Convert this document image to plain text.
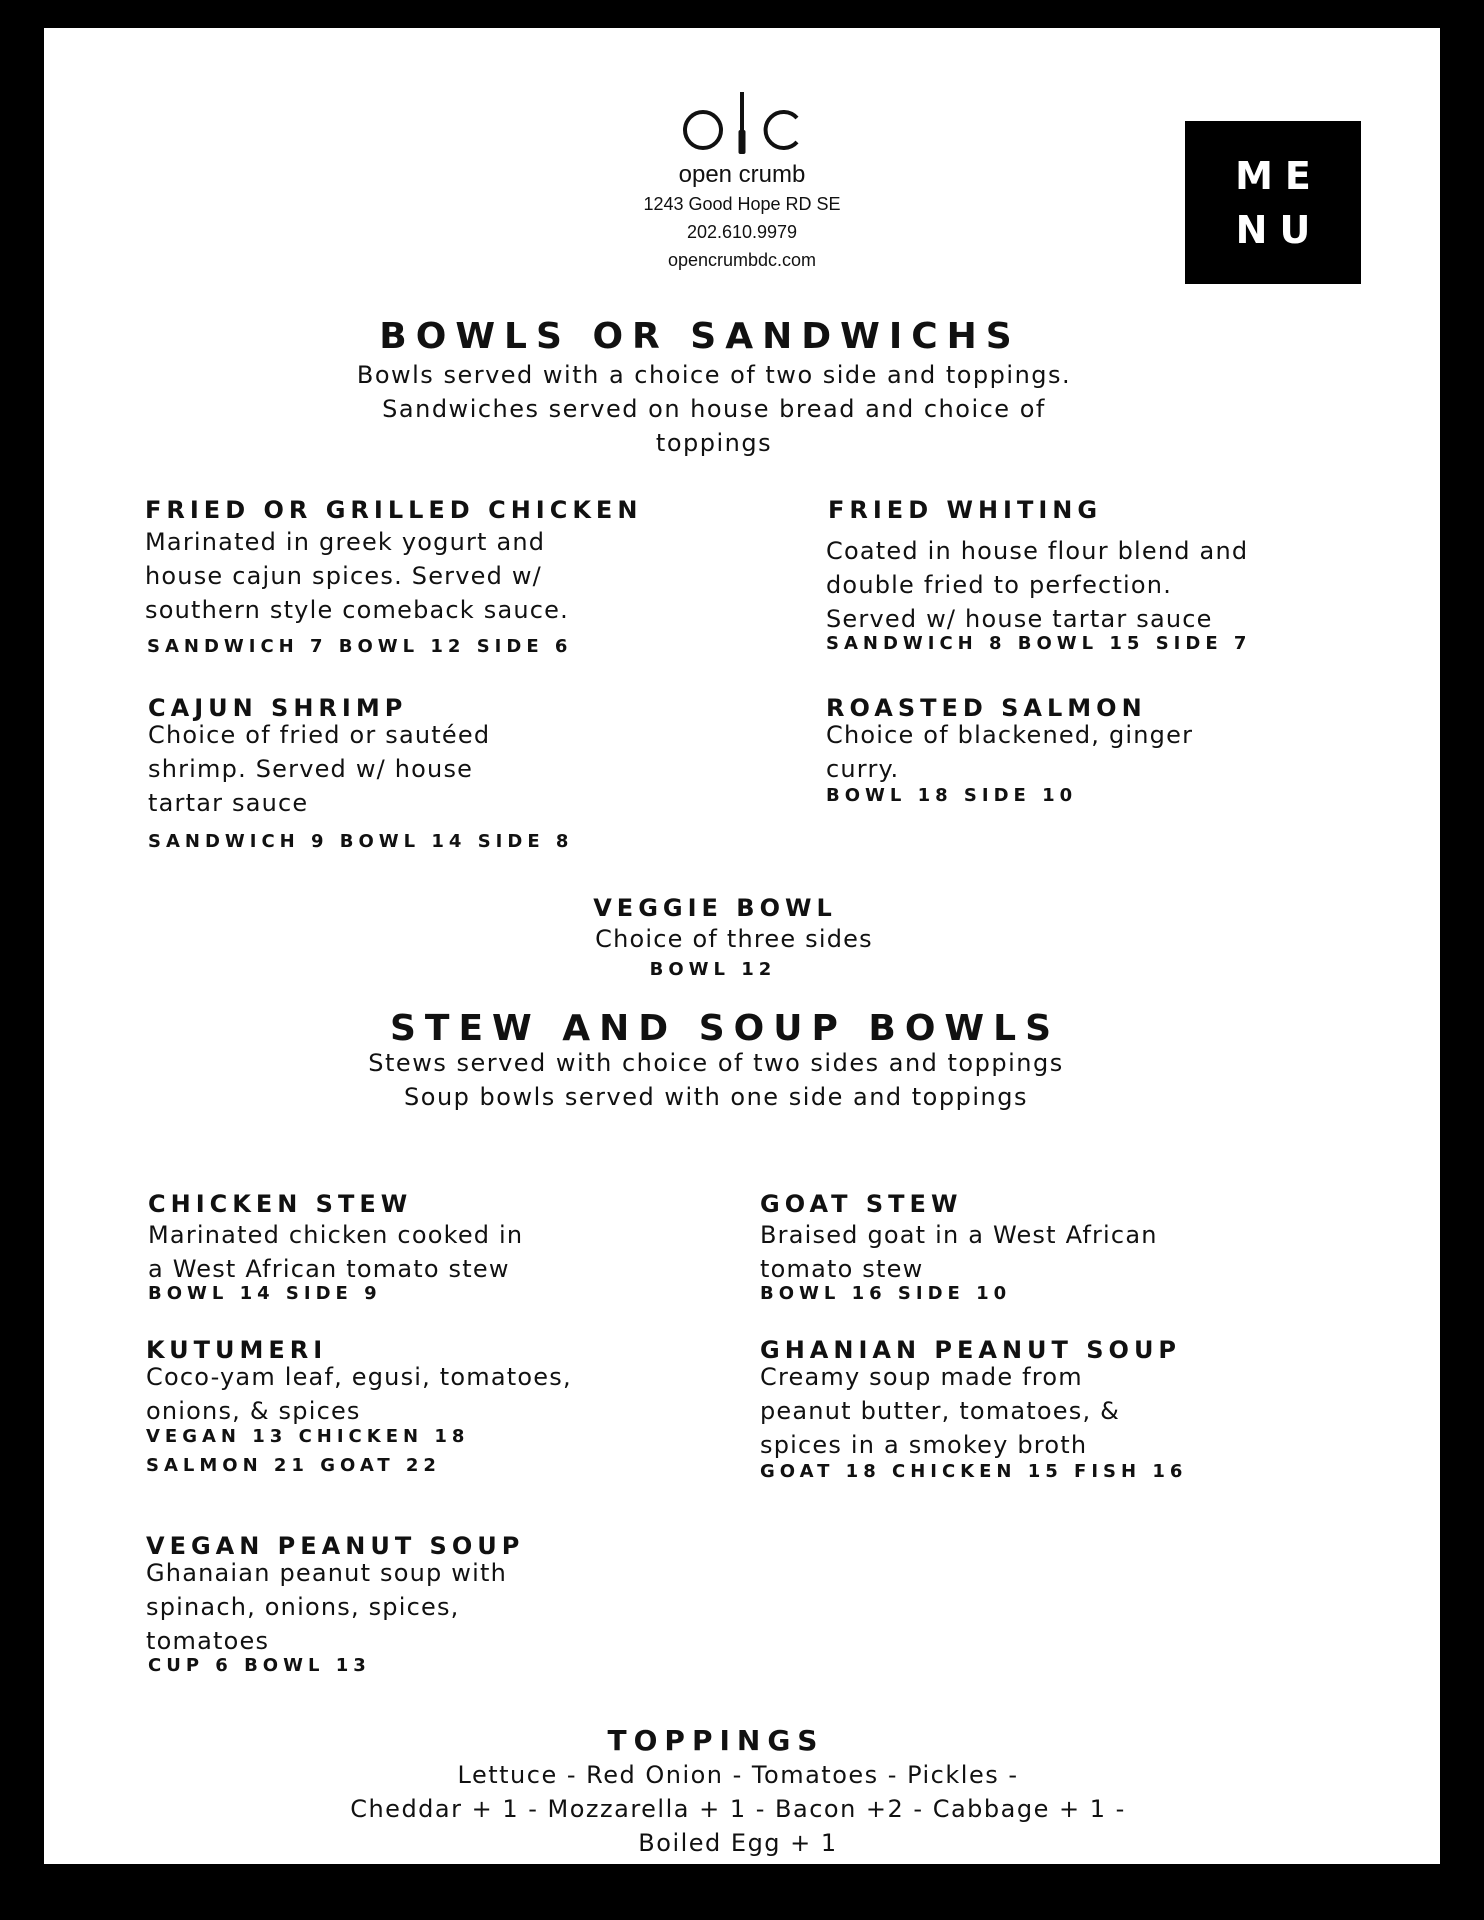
open crumb
1243 Good Hope RD SE
202.610.9979
opencrumbdc.com
ME
NU
BOWLS OR SANDWICHS
Bowls served with a choice of two side and toppings.
Sandwiches served on house bread and choice of
toppings
FRIED OR GRILLED CHICKEN
Marinated in greek yogurt and
house cajun spices. Served w/
southern style comeback sauce.
SANDWICH 7 BOWL 12 SIDE 6
FRIED WHITING
Coated in house flour blend and
double fried to perfection.
Served w/ house tartar sauce
SANDWICH 8 BOWL 15 SIDE 7
CAJUN SHRIMP
Choice of fried or sautéed
shrimp. Served w/ house
tartar sauce
SANDWICH 9 BOWL 14 SIDE 8
ROASTED SALMON
Choice of blackened, ginger
curry.
BOWL 18 SIDE 10
VEGGIE BOWL
Choice of three sides
BOWL 12
STEW AND SOUP BOWLS
Stews served with choice of two sides and toppings
Soup bowls served with one side and toppings
CHICKEN STEW
Marinated chicken cooked in
a West African tomato stew
BOWL 14 SIDE 9
GOAT STEW
Braised goat in a West African
tomato stew
BOWL 16 SIDE 10
KUTUMERI
Coco-yam leaf, egusi, tomatoes,
onions, & spices
VEGAN 13 CHICKEN 18
SALMON 21 GOAT 22
GHANIAN PEANUT SOUP
Creamy soup made from
peanut butter, tomatoes, &
spices in a smokey broth
GOAT 18 CHICKEN 15 FISH 16
VEGAN PEANUT SOUP
Ghanaian peanut soup with
spinach, onions, spices,
tomatoes
CUP 6 BOWL 13
TOPPINGS
Lettuce - Red Onion - Tomatoes - Pickles -
Cheddar + 1 - Mozzarella + 1 - Bacon +2 - Cabbage + 1 -
Boiled Egg + 1
